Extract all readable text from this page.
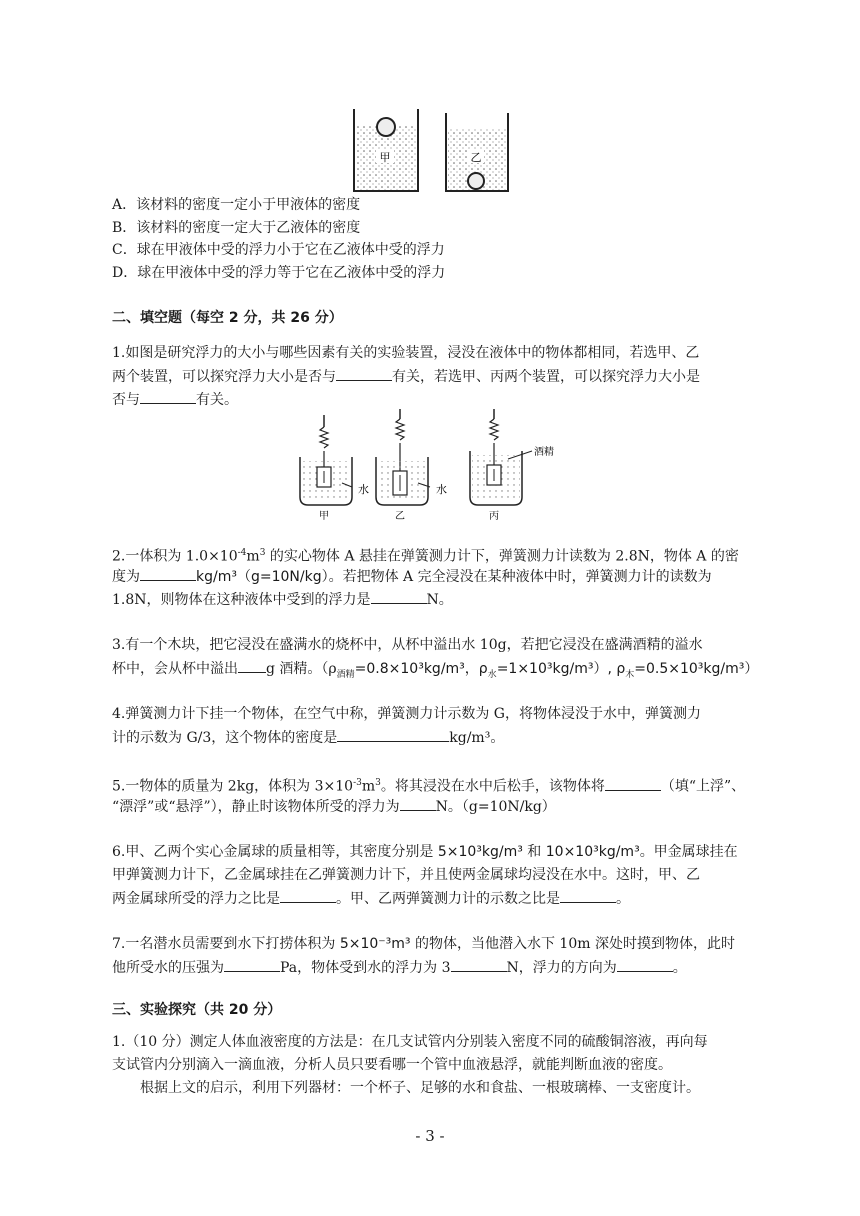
甲	乙
A．该材料的密度一定小于甲液体的密度
B．该材料的密度一定大于乙液体的密度
C．球在甲液体中受的浮力小于它在乙液体中受的浮力
D．球在甲液体中受的浮力等于它在乙液体中受的浮力
二、填空题（每空 2 分，共 26 分）
1.如图是研究浮力的大小与哪些因素有关的实验装置，浸没在液体中的物体都相同，若选甲、乙
两个装置，可以探究浮力大小是否与	有关，若选甲、丙两个装置，可以探究浮力大小是
否与	有关。
水
甲
水
乙
酒精
丙
2.一体积为 $1.0\times 10^{-4}m^3$ 的实心物体 A 悬挂在弹簧测力计下，弹簧测力计读数为 2.8N，物体 A 的密
度为	kg/m³（g=10N/kg）。若把物体 A 完全浸没在某种液体中时，弹簧测力计的读数为
1.8N，则物体在这种液体中受到的浮力是	N。
3.有一个木块，把它浸没在盛满水的烧杯中，从杯中溢出水 10g，若把它浸没在盛满酒精的溢水
杯中，会从杯中溢出 g 酒精。（$\rho_{酒精}=0.8\times 10^3kg/m^3$，$\rho_水=1\times 10^3kg/m^3$）, $\rho_木=0.5\times 10^3kg/m^3$）
4.弹簧测力计下挂一个物体，在空气中称，弹簧测力计示数为 G，将物体浸没于水中，弹簧测力
计的示数为 G/3，这个物体的密度是	kg/m³。
5.一物体的质量为 2kg，体积为 $3\times 10^{-3}m^3$。将其浸没在水中后松手，该物体将	（填“上浮”、
“漂浮”或“悬浮”），静止时该物体所受的浮力为	N。（g=10N/kg）
6.甲、乙两个实心金属球的质量相等，其密度分别是 5×10³kg/m³ 和 10×10³kg/m³。甲金属球挂在
甲弹簧测力计下，乙金属球挂在乙弹簧测力计下，并且使两金属球均浸没在水中。这时，甲、乙
两金属球所受的浮力之比是	。甲、乙两弹簧测力计的示数之比是	。
7.一名潜水员需要到水下打捞体积为 5×10⁻³m³ 的物体，当他潜入水下 10m 深处时摸到物体，此时
他所受水的压强为	Pa，物体受到水的浮力为 3	N，浮力的方向为	。
三、实验探究（共 20 分）
1.（10 分）测定人体血液密度的方法是：在几支试管内分别装入密度不同的硫酸铜溶液，再向每
支试管内分别滴入一滴血液，分析人员只要看哪一个管中血液悬浮，就能判断血液的密度。
根据上文的启示，利用下列器材：一个杯子、足够的水和食盐、一根玻璃棒、一支密度计。
- 3 -
